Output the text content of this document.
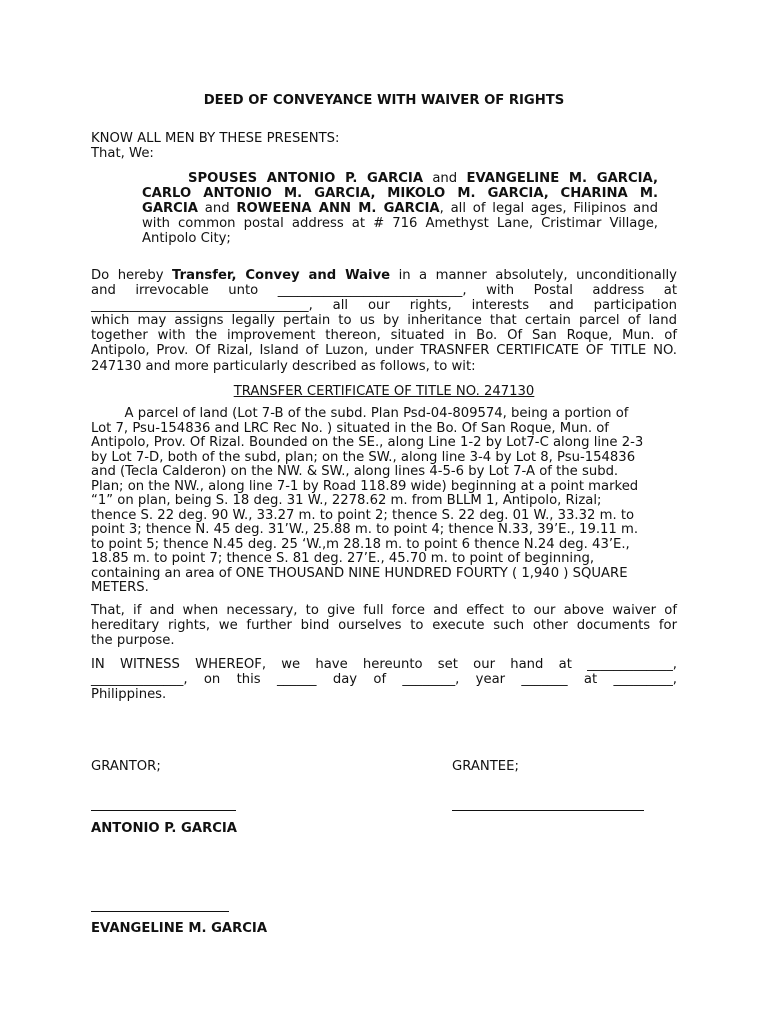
DEED OF CONVEYANCE WITH WAIVER OF RIGHTS
KNOW ALL MEN BY THESE PRESENTS:
That, We:
SPOUSES ANTONIO P. GARCIA and EVANGELINE M. GARCIA,
CARLO ANTONIO M. GARCIA, MIKOLO M. GARCIA, CHARINA M.
GARCIA and ROWEENA ANN M. GARCIA, all of legal ages, Filipinos and
with common postal address at # 716 Amethyst Lane, Cristimar Village,
Antipolo City;
Do hereby Transfer, Convey and Waive in a manner absolutely, unconditionally
and irrevocable unto ____________________________, with Postal address at
_________________________________, all our rights, interests and participation
which may assigns legally pertain to us by inheritance that certain parcel of land
together with the improvement thereon, situated in Bo. Of San Roque, Mun. of
Antipolo, Prov. Of Rizal, Island of Luzon, under TRASNFER CERTIFICATE OF TITLE NO.
247130 and more particularly described as follows, to wit:
TRANSFER CERTIFICATE OF TITLE NO. 247130
A parcel of land (Lot 7-B of the subd. Plan Psd-04-809574, being a portion of
Lot 7, Psu-154836 and LRC Rec No. ) situated in the Bo. Of San Roque, Mun. of
Antipolo, Prov. Of Rizal. Bounded on the SE., along Line 1-2 by Lot7-C along line 2-3
by Lot 7-D, both of the subd, plan; on the SW., along line 3-4 by Lot 8, Psu-154836
and (Tecla Calderon) on the NW. & SW., along lines 4-5-6 by Lot 7-A of the subd.
Plan; on the NW., along line 7-1 by Road 118.89 wide) beginning at a point marked
“1” on plan, being S. 18 deg. 31 W., 2278.62 m. from BLLM 1, Antipolo, Rizal;
thence S. 22 deg. 90 W., 33.27 m. to point 2; thence S. 22 deg. 01 W., 33.32 m. to
point 3; thence N. 45 deg. 31’W., 25.88 m. to point 4; thence N.33, 39’E., 19.11 m.
to point 5; thence N.45 deg. 25 ‘W.,m 28.18 m. to point 6 thence N.24 deg. 43’E.,
18.85 m. to point 7; thence S. 81 deg. 27’E., 45.70 m. to point of beginning,
containing an area of ONE THOUSAND NINE HUNDRED FOURTY ( 1,940 ) SQUARE
METERS.
That, if and when necessary, to give full force and effect to our above waiver of
hereditary rights, we further bind ourselves to execute such other documents for
the purpose.
IN WITNESS WHEREOF, we have hereunto set our hand at _____________,
______________, on this ______ day of ________, year _______ at _________,
Philippines.
GRANTOR;	GRANTEE;
ANTONIO P. GARCIA
EVANGELINE M. GARCIA
